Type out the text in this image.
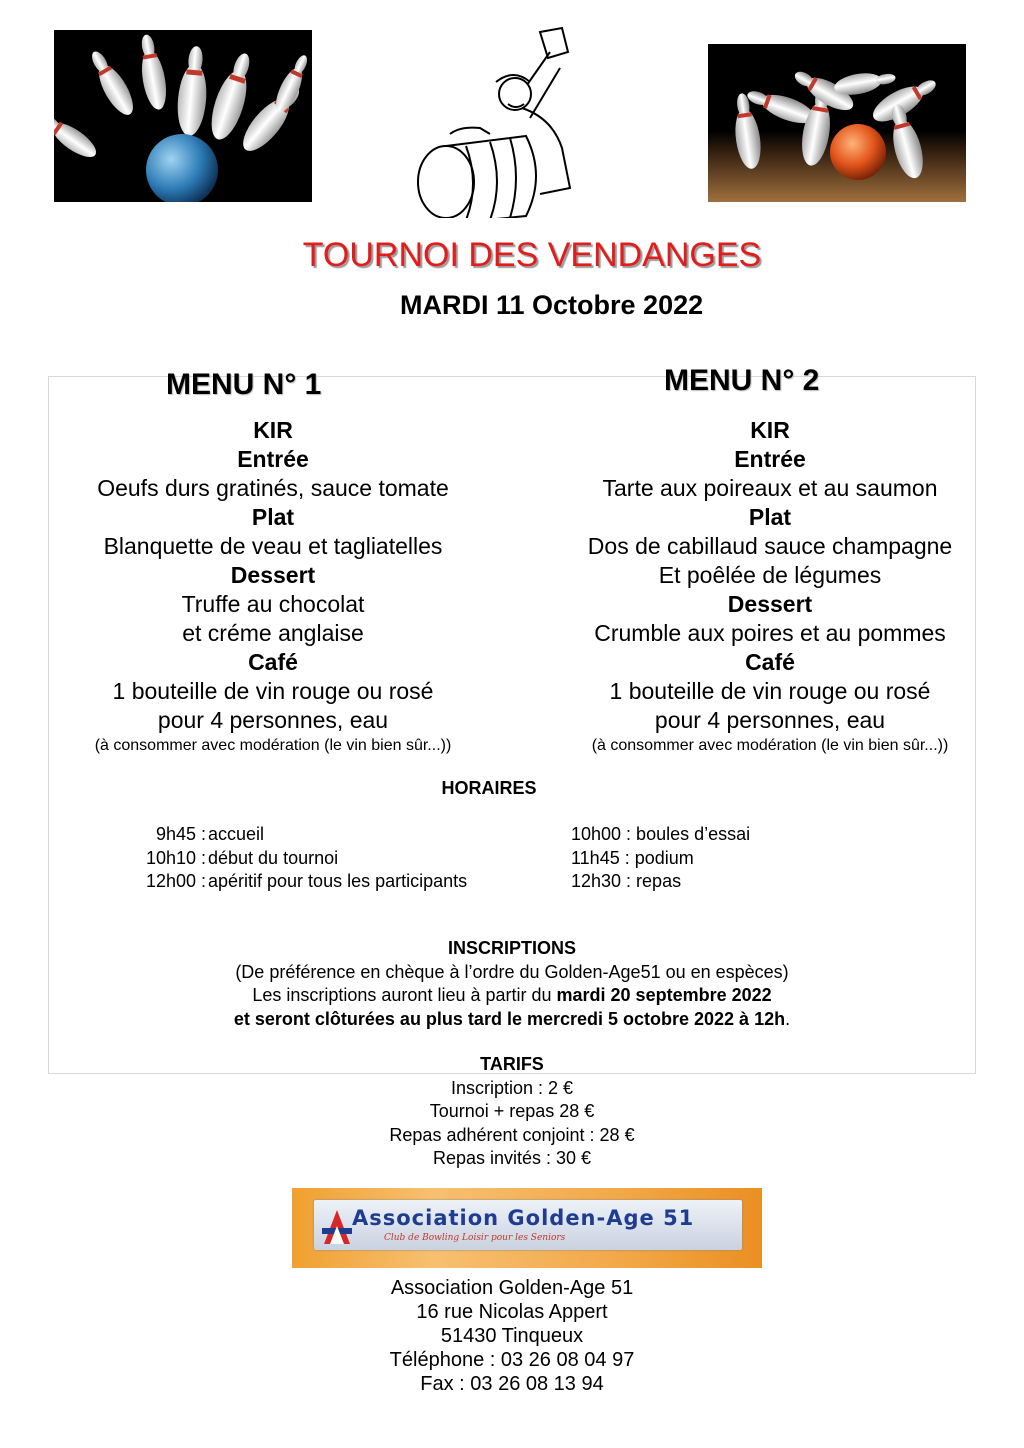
TOURNOI DES VENDANGES
MARDI 11 Octobre 2022
MENU N° 1	MENU N° 2
KIR
Entrée
Oeufs durs gratinés, sauce tomate
Plat
Blanquette de veau et tagliatelles
Dessert
Truffe au chocolat
et créme anglaise
Café
1 bouteille de vin rouge ou rosé
pour 4 personnes, eau
(à consommer avec modération (le vin bien sûr...))
KIR
Entrée
Tarte aux poireaux et au saumon
Plat
Dos de cabillaud sauce champagne
Et poêlée de légumes
Dessert
Crumble aux poires et au pommes
Café
1 bouteille de vin rouge ou rosé
pour 4 personnes, eau
(à consommer avec modération (le vin bien sûr...))
HORAIRES
9h45 :
10h10 :
12h00 :
accueil
début du tournoi
apéritif pour tous les participants
10h00 : boules d’essai
11h45 : podium
12h30 : repas
INSCRIPTIONS
(De préférence en chèque à l’ordre du Golden-Age51 ou en espèces)
Les inscriptions auront lieu à partir du mardi 20 septembre 2022
et seront clôturées au plus tard le mercredi 5 octobre 2022 à 12h.
TARIFS
Inscription : 2 €
Tournoi + repas 28 €
Repas adhérent conjoint : 28 €
Repas invités : 30 €
Association Golden-Age 51
Club de Bowling Loisir pour les Seniors
Association Golden-Age 51
16 rue Nicolas Appert
51430 Tinqueux
Téléphone : 03 26 08 04 97
Fax : 03 26 08 13 94
